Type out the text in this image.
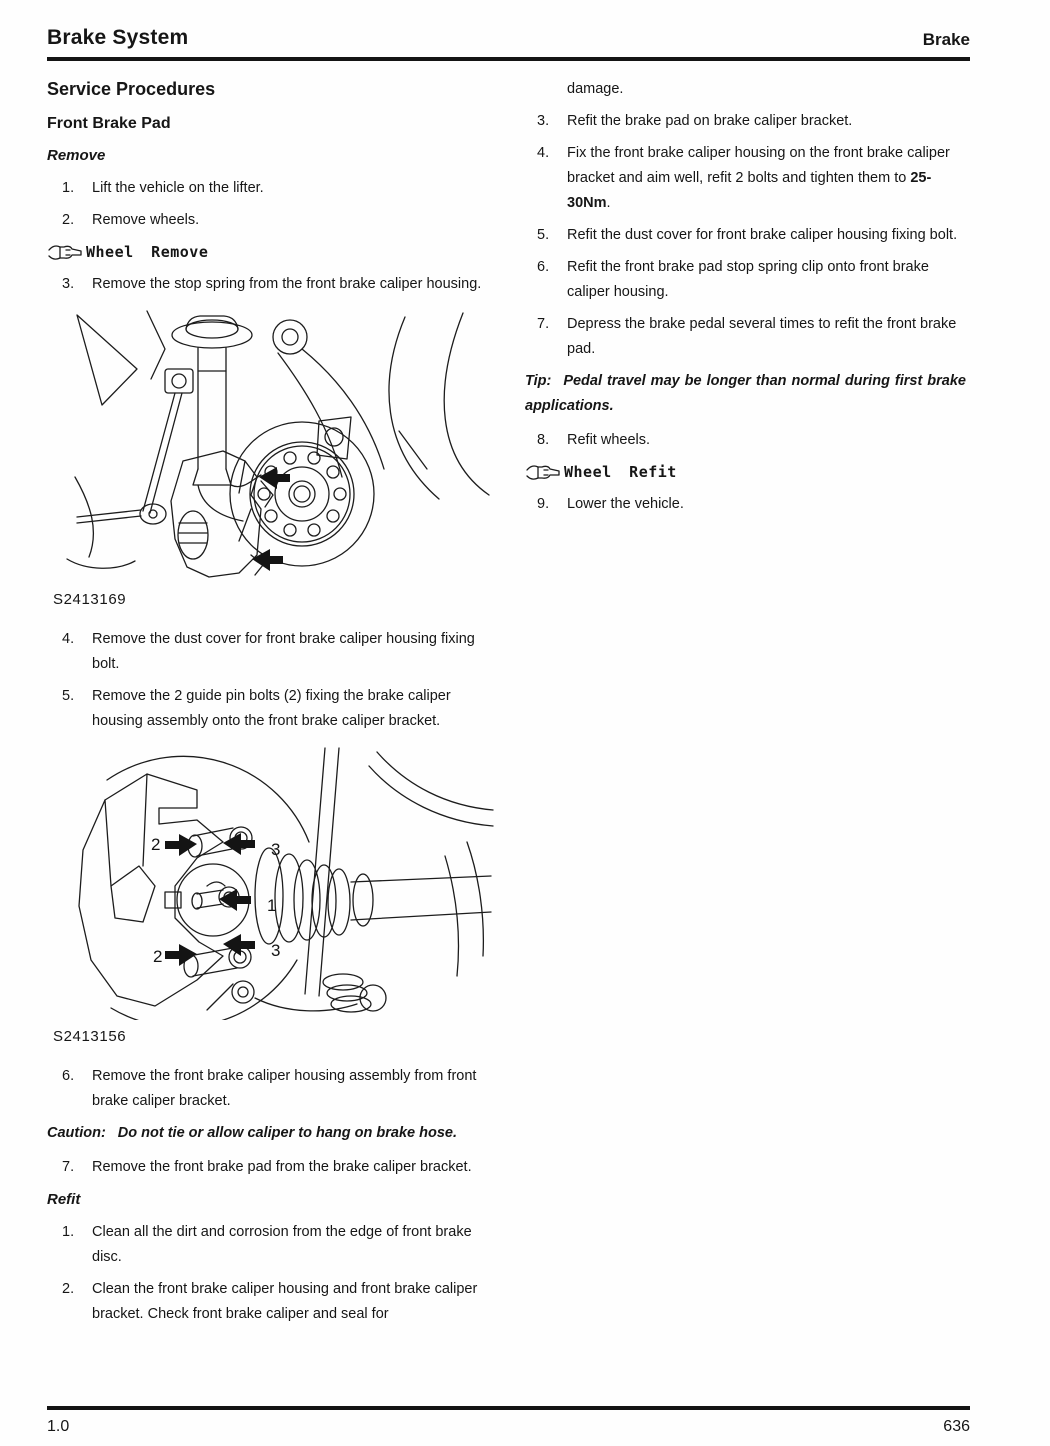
Brake System	Brake
Service Procedures
Front Brake Pad
Remove
1.	Lift the vehicle on the lifter.
2.	Remove wheels.
Wheel Remove
3.	Remove the stop spring from the front brake caliper housing.
S2413169
4.	Remove the dust cover for front brake caliper housing fixing bolt.
5.	Remove the 2 guide pin bolts (2) fixing the brake caliper housing assembly onto the front brake caliper bracket.
2	3
1
2	3
S2413156
6.	Remove the front brake caliper housing assembly from front brake caliper bracket.

Caution: Do not tie or allow caliper to hang on brake hose.

7.	Remove the front brake pad from the brake caliper bracket.
Refit
1.	Clean all the dirt and corrosion from the edge of front brake disc.
2.	Clean the front brake caliper housing and front brake caliper bracket. Check front brake caliper and seal for
damage.
3.	Refit the brake pad on brake caliper bracket.
4.	Fix the front brake caliper housing on the front brake caliper bracket and aim well, refit 2 bolts and tighten them to 25-30Nm.
5.	Refit the dust cover for front brake caliper housing fixing bolt.
6.	Refit the front brake pad stop spring clip onto front brake caliper housing.
7.	Depress the brake pedal several times to refit the front brake pad.

Tip: Pedal travel may be longer than normal during first brake applications.

8.	Refit wheels.
Wheel Refit
9.	Lower the vehicle.
1.0	636
